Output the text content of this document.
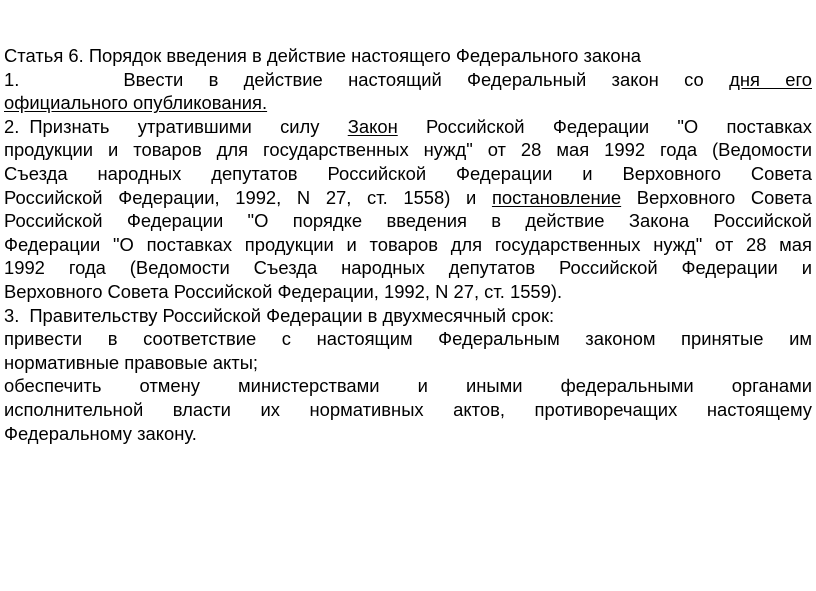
Статья 6. Порядок введения в действие настоящего Федерального закона
1.	Ввести в действие настоящий Федеральный закон со дня его
официального опубликования.
2. Признать утратившими силу Закон Российской Федерации "О поставках
продукции и товаров для государственных нужд" от 28 мая 1992 года (Ведомости
Съезда народных депутатов Российской Федерации и Верховного Совета
Российской Федерации, 1992, N 27, ст. 1558) и постановление Верховного Совета
Российской Федерации "О порядке введения в действие Закона Российской
Федерации "О поставках продукции и товаров для государственных нужд" от 28 мая
1992 года (Ведомости Съезда народных депутатов Российской Федерации и
Верховного Совета Российской Федерации, 1992, N 27, ст. 1559).
3. Правительству Российской Федерации в двухмесячный срок:
привести в соответствие с настоящим Федеральным законом принятые им
нормативные правовые акты;
обеспечить отмену министерствами и иными федеральными органами
исполнительной власти их нормативных актов, противоречащих настоящему
Федеральному закону.
